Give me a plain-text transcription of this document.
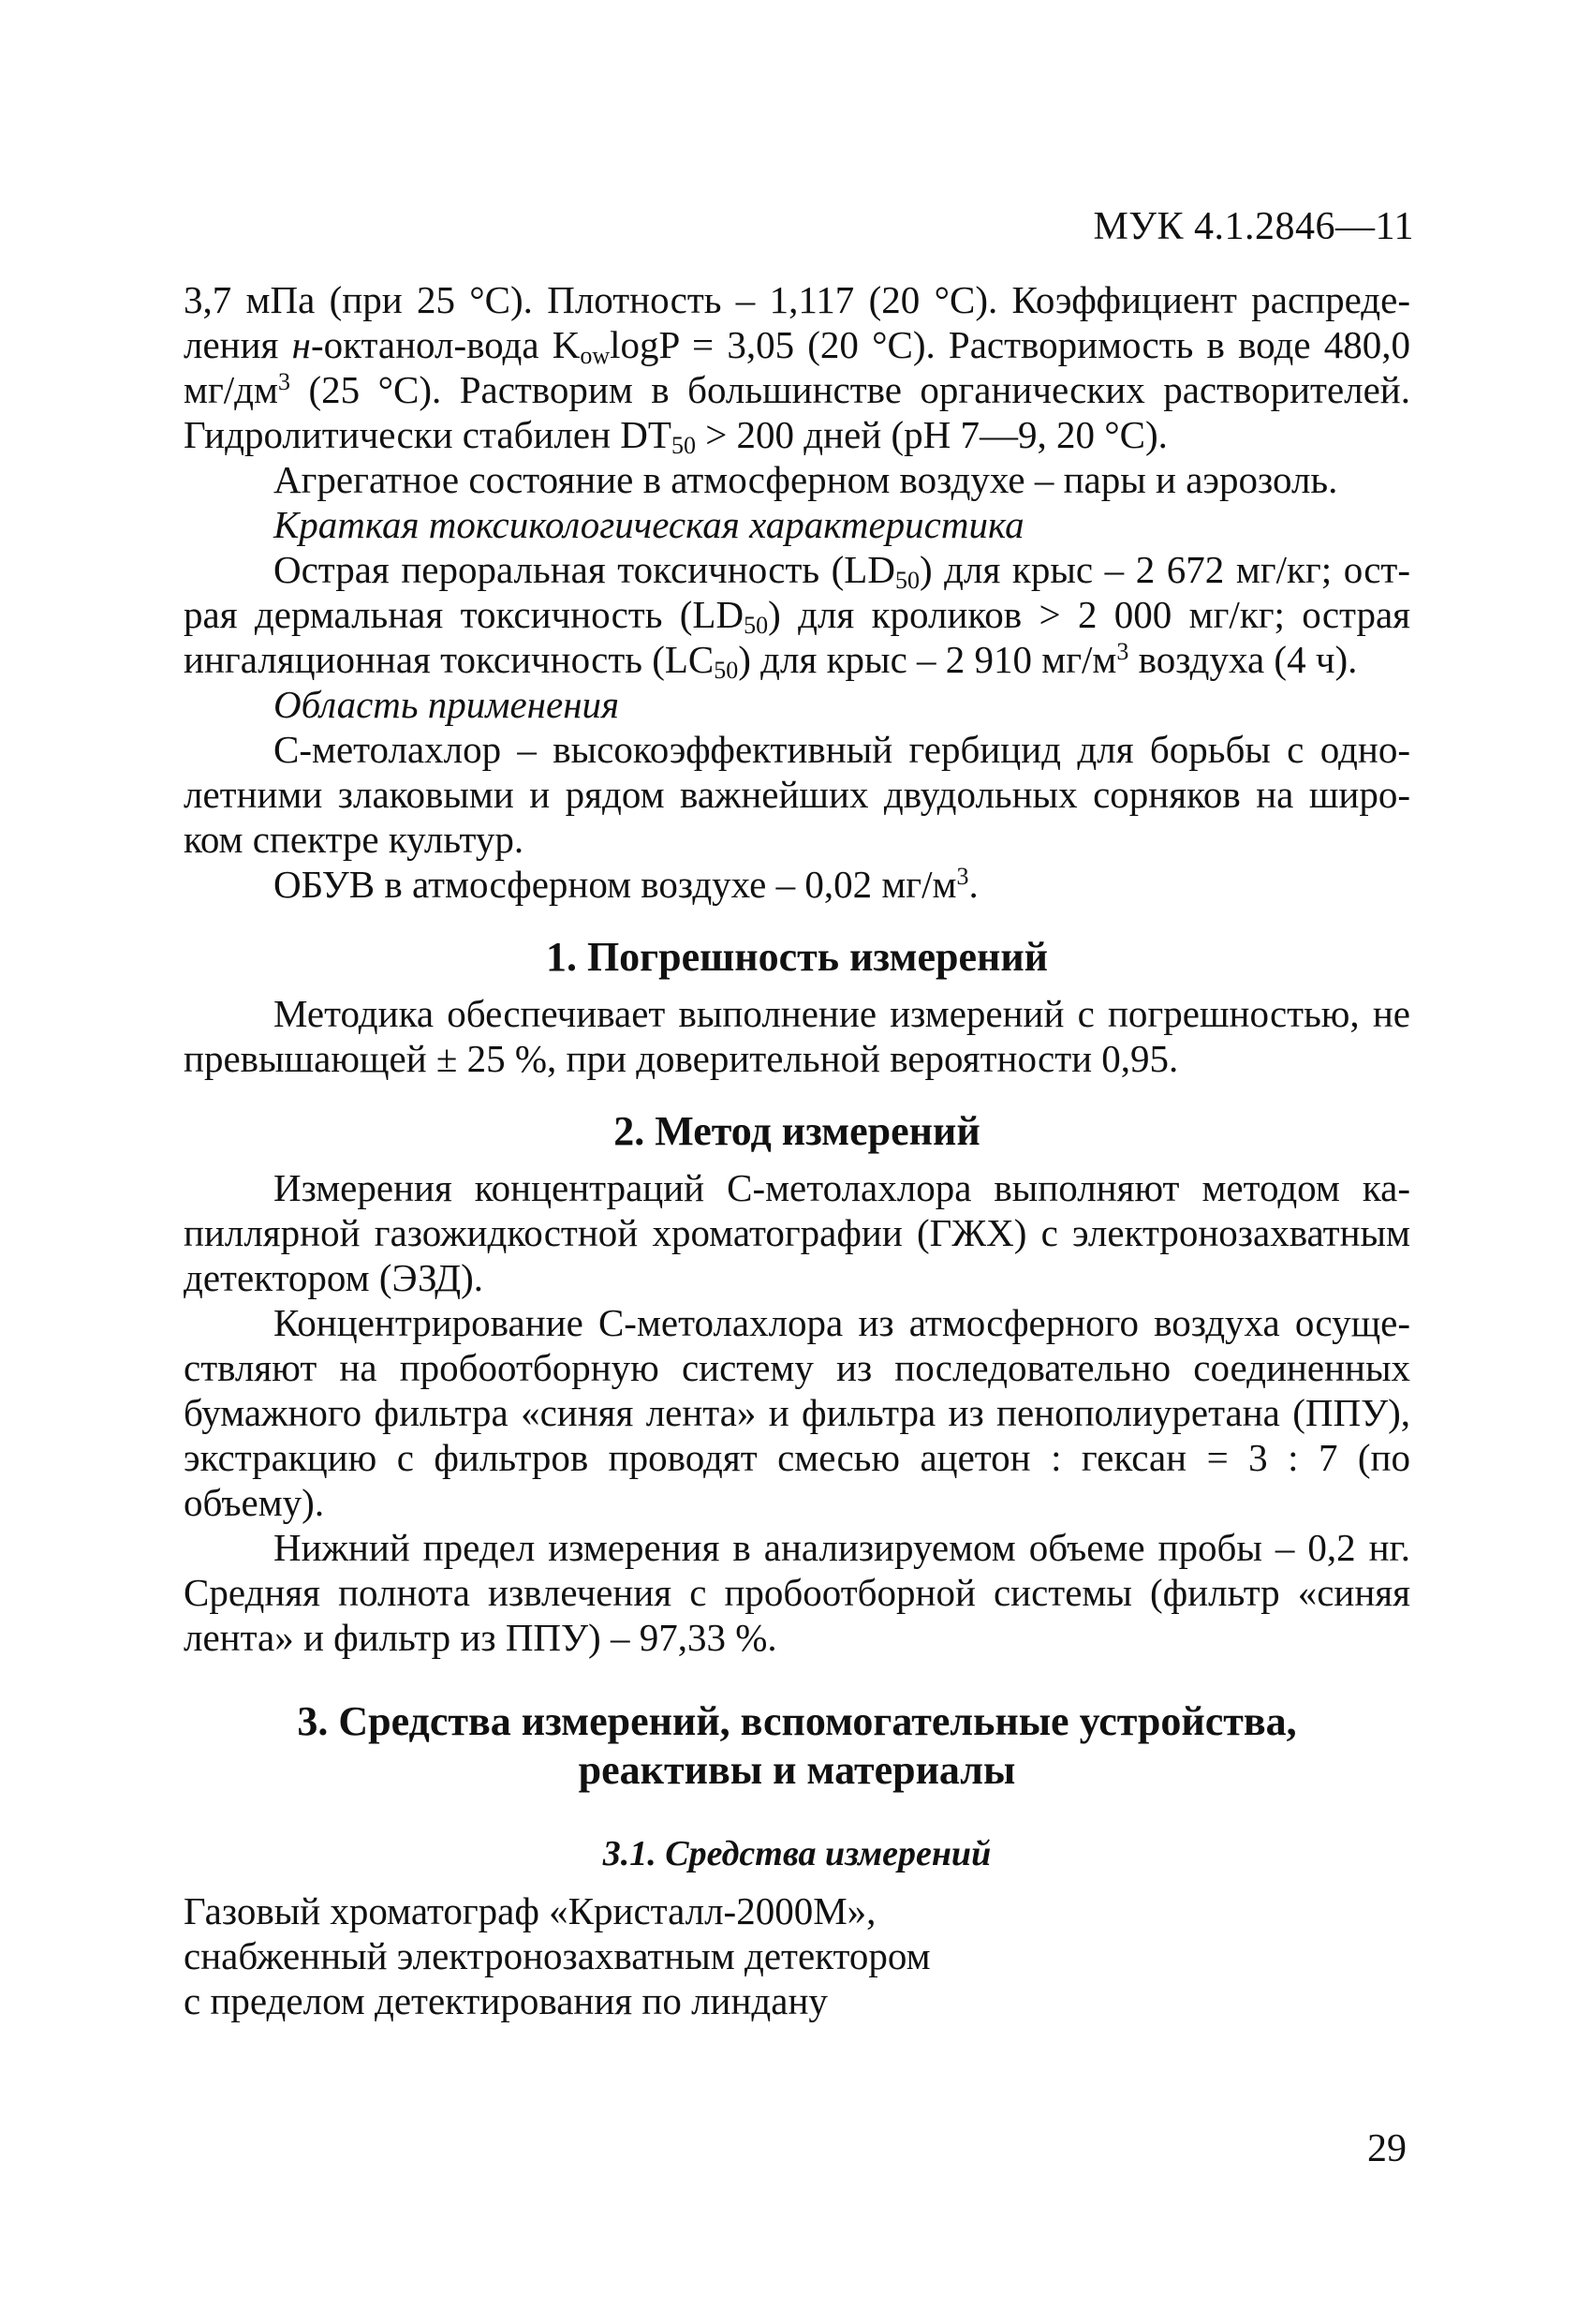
МУК 4.1.2846—11

3,7 мПа (при 25 °С). Плотность – 1,117 (20 °С). Коэффициент распределения н-октанол-вода $K_{ow}\log P = 3,05$ (20 °С). Растворимость в воде 480,0 $мг/дм^3$ (25 °С). Растворим в большинстве органических растворителей. Гидролитически стабилен $DT_{50} > 200$ дней (рН 7—9, 20 °С).

Агрегатное состояние в атмосферном воздухе – пары и аэрозоль.

Краткая токсикологическая характеристика

Острая пероральная токсичность $(LD_{50})$ для крыс – 2 672 мг/кг; острая дермальная токсичность $(LD_{50})$ для кроликов > 2 000 мг/кг; острая ингаляционная токсичность $(LC_{50})$ для крыс – 2 910 $мг/м^3$ воздуха (4 ч).

Область применения

С-метолахлор – высокоэффективный гербицид для борьбы с однолетними злаковыми и рядом важнейших двудольных сорняков на широком спектре культур.

ОБУВ в атмосферном воздухе – 0,02 $мг/м^3$.

1. Погрешность измерений

Методика обеспечивает выполнение измерений с погрешностью, не превышающей ± 25 %, при доверительной вероятности 0,95.

2. Метод измерений

Измерения концентраций С-метолахлора выполняют методом капиллярной газожидкостной хроматографии (ГЖХ) с электронозахватным детектором (ЭЗД).

Концентрирование С-метолахлора из атмосферного воздуха осуществляют на пробоотборную систему из последовательно соединенных бумажного фильтра «синяя лента» и фильтра из пенополиуретана (ППУ), экстракцию с фильтров проводят смесью ацетон : гексан = 3 : 7 (по объему).

Нижний предел измерения в анализируемом объеме пробы – 0,2 нг. Средняя полнота извлечения с пробоотборной системы (фильтр «синяя лента» и фильтр из ППУ) – 97,33 %.

3. Средства измерений, вспомогательные устройства,
реактивы и материалы
3.1. Средства измерений

Газовый хроматограф «Кристалл-2000М»,

снабженный электронозахватным детектором

с пределом детектирования по линдану

29
